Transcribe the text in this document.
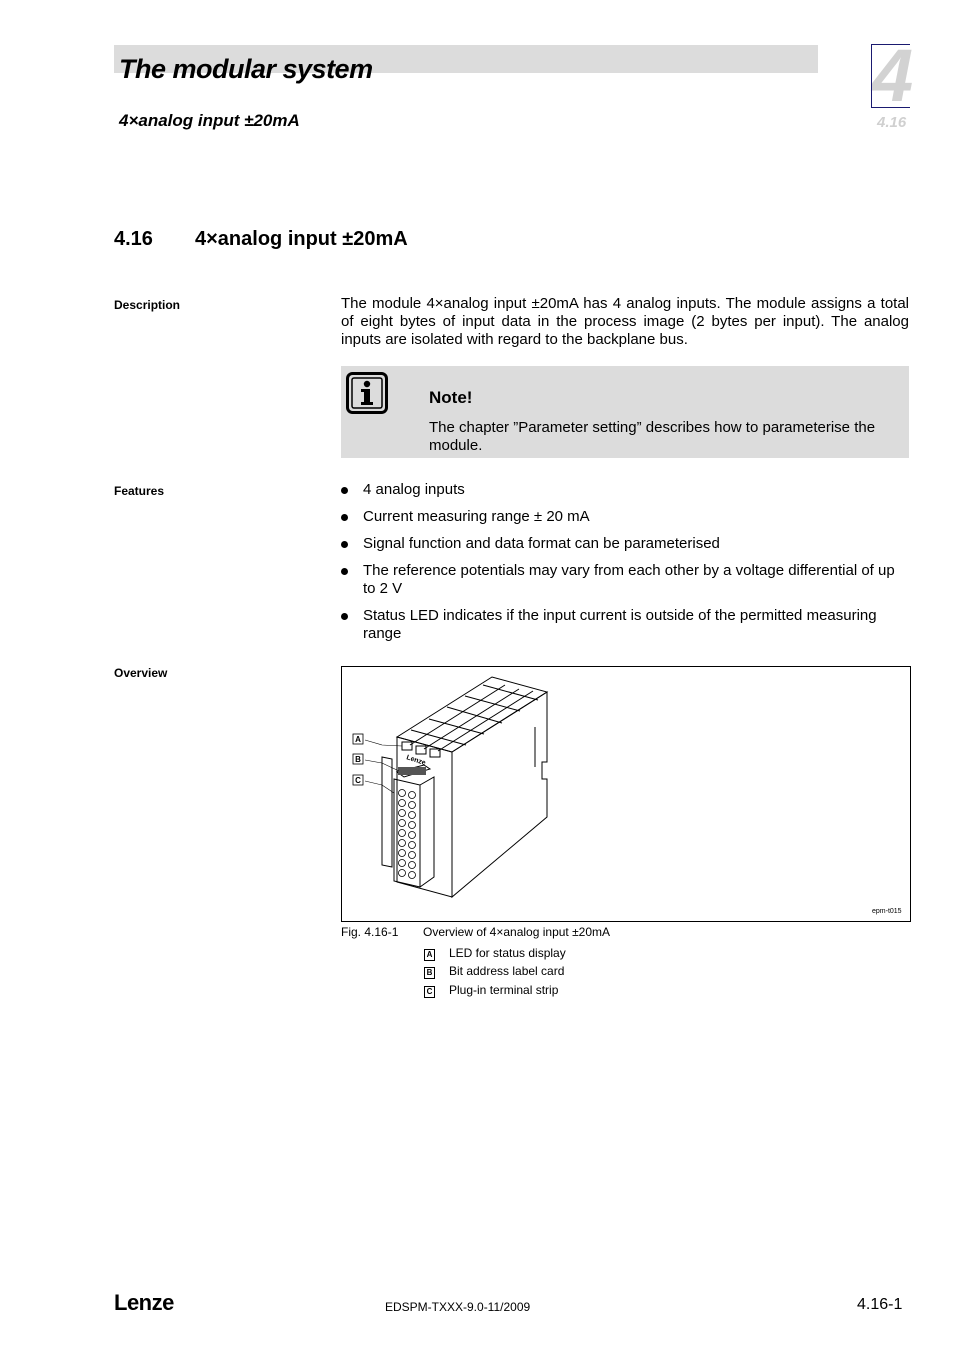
The modular system
4×analog input ±20mA
4
4.16
4.16 4×analog input ±20mA
Description	The module 4×analog input ±20mA has 4 analog inputs. The module assigns a total of eight bytes of input data in the process image (2 bytes per input). The analog inputs are isolated with regard to the backplane bus.
Note!
The chapter ”Parameter setting” describes how to parameterise the module.
Features	4 analog inputs
Current measuring range ± 20 mA
Signal function and data format can be parameterised
The reference potentials may vary from each other by a voltage differential of up to 2 V
Status LED indicates if the input current is outside of the permitted measuring range
Overview
Lenze
A
B
C
epm-t015
Fig. 4.16-1 Overview of 4×analog input ±20mA
A LED for status display
B Bit address label card
C Plug-in terminal strip
Lenze	EDSPM-TXXX-9.0-11/2009	4.16-1
